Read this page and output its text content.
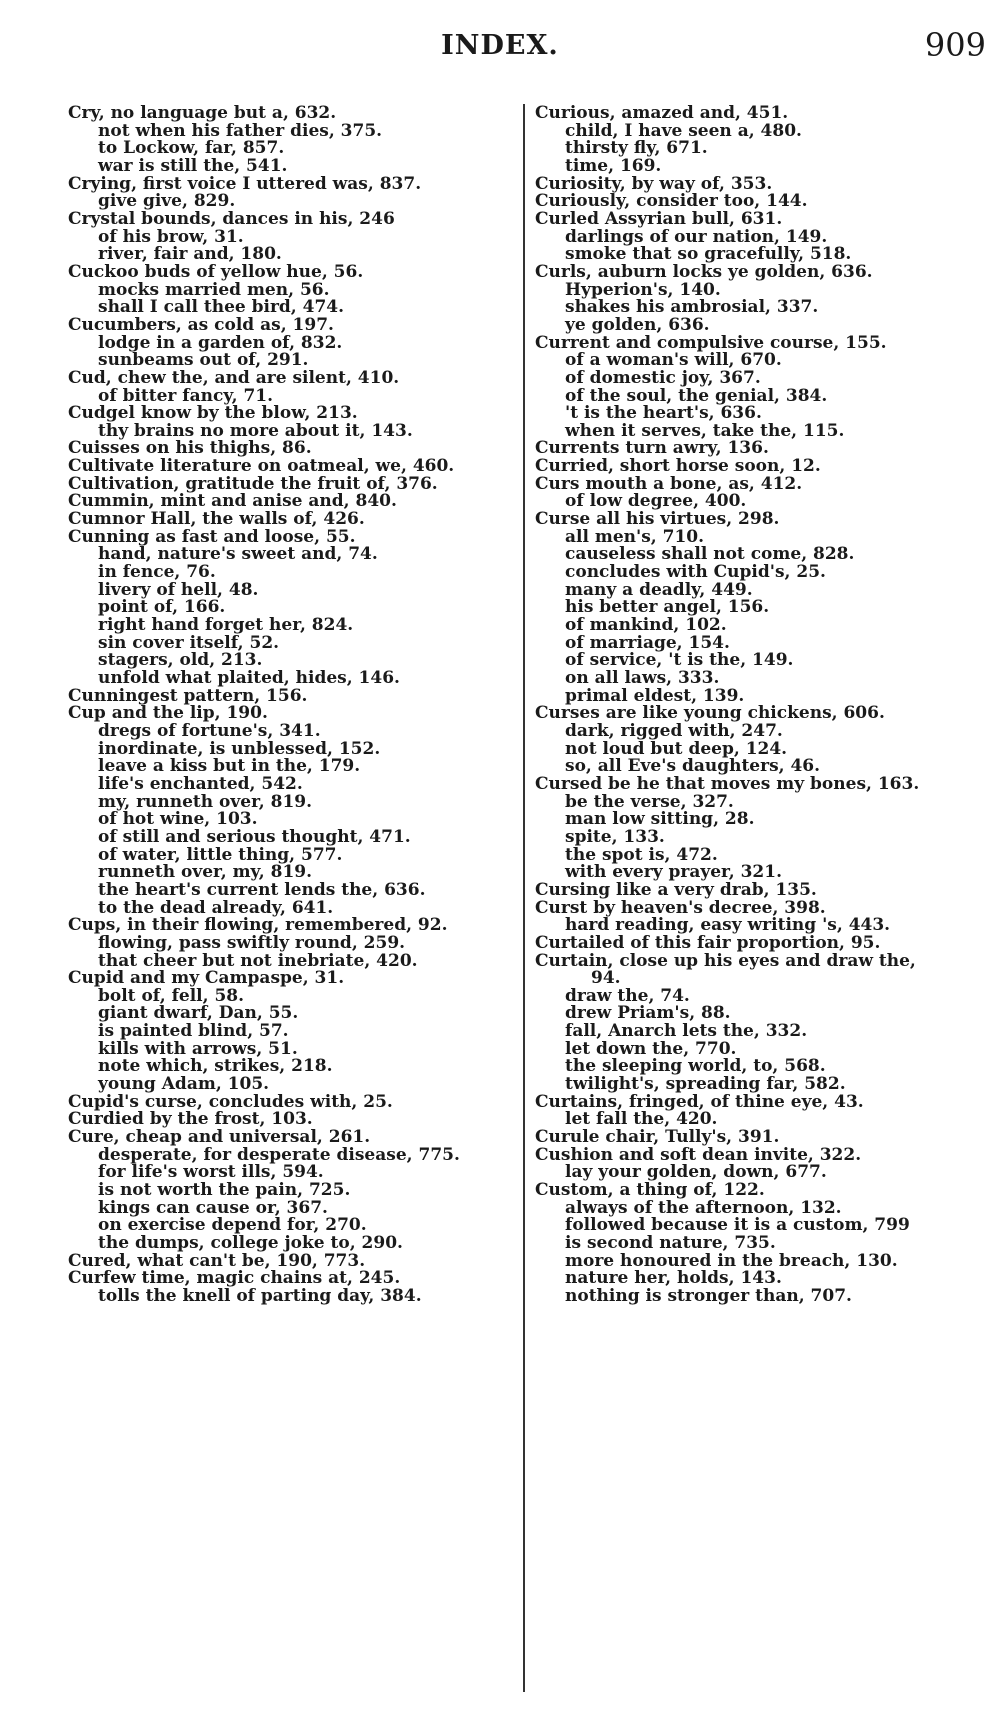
INDEX.	909
Cry, no language but a, 632.
not when his father dies, 375.
to Lockow, far, 857.
war is still the, 541.
Crying, first voice I uttered was, 837.
give give, 829.
Crystal bounds, dances in his, 246
of his brow, 31.
river, fair and, 180.
Cuckoo buds of yellow hue, 56.
mocks married men, 56.
shall I call thee bird, 474.
Cucumbers, as cold as, 197.
lodge in a garden of, 832.
sunbeams out of, 291.
Cud, chew the, and are silent, 410.
of bitter fancy, 71.
Cudgel know by the blow, 213.
thy brains no more about it, 143.
Cuisses on his thighs, 86.
Cultivate literature on oatmeal, we, 460.
Cultivation, gratitude the fruit of, 376.
Cummin, mint and anise and, 840.
Cumnor Hall, the walls of, 426.
Cunning as fast and loose, 55.
hand, nature's sweet and, 74.
in fence, 76.
livery of hell, 48.
point of, 166.
right hand forget her, 824.
sin cover itself, 52.
stagers, old, 213.
unfold what plaited, hides, 146.
Cunningest pattern, 156.
Cup and the lip, 190.
dregs of fortune's, 341.
inordinate, is unblessed, 152.
leave a kiss but in the, 179.
life's enchanted, 542.
my, runneth over, 819.
of hot wine, 103.
of still and serious thought, 471.
of water, little thing, 577.
runneth over, my, 819.
the heart's current lends the, 636.
to the dead already, 641.
Cups, in their flowing, remembered, 92.
flowing, pass swiftly round, 259.
that cheer but not inebriate, 420.
Cupid and my Campaspe, 31.
bolt of, fell, 58.
giant dwarf, Dan, 55.
is painted blind, 57.
kills with arrows, 51.
note which, strikes, 218.
young Adam, 105.
Cupid's curse, concludes with, 25.
Curdied by the frost, 103.
Cure, cheap and universal, 261.
desperate, for desperate disease, 775.
for life's worst ills, 594.
is not worth the pain, 725.
kings can cause or, 367.
on exercise depend for, 270.
the dumps, college joke to, 290.
Cured, what can't be, 190, 773.
Curfew time, magic chains at, 245.
tolls the knell of parting day, 384.
Curious, amazed and, 451.
child, I have seen a, 480.
thirsty fly, 671.
time, 169.
Curiosity, by way of, 353.
Curiously, consider too, 144.
Curled Assyrian bull, 631.
darlings of our nation, 149.
smoke that so gracefully, 518.
Curls, auburn locks ye golden, 636.
Hyperion's, 140.
shakes his ambrosial, 337.
ye golden, 636.
Current and compulsive course, 155.
of a woman's will, 670.
of domestic joy, 367.
of the soul, the genial, 384.
't is the heart's, 636.
when it serves, take the, 115.
Currents turn awry, 136.
Curried, short horse soon, 12.
Curs mouth a bone, as, 412.
of low degree, 400.
Curse all his virtues, 298.
all men's, 710.
causeless shall not come, 828.
concludes with Cupid's, 25.
many a deadly, 449.
his better angel, 156.
of mankind, 102.
of marriage, 154.
of service, 't is the, 149.
on all laws, 333.
primal eldest, 139.
Curses are like young chickens, 606.
dark, rigged with, 247.
not loud but deep, 124.
so, all Eve's daughters, 46.
Cursed be he that moves my bones, 163.
be the verse, 327.
man low sitting, 28.
spite, 133.
the spot is, 472.
with every prayer, 321.
Cursing like a very drab, 135.
Curst by heaven's decree, 398.
hard reading, easy writing 's, 443.
Curtailed of this fair proportion, 95.
Curtain, close up his eyes and draw the,
94.
draw the, 74.
drew Priam's, 88.
fall, Anarch lets the, 332.
let down the, 770.
the sleeping world, to, 568.
twilight's, spreading far, 582.
Curtains, fringed, of thine eye, 43.
let fall the, 420.
Curule chair, Tully's, 391.
Cushion and soft dean invite, 322.
lay your golden, down, 677.
Custom, a thing of, 122.
always of the afternoon, 132.
followed because it is a custom, 799
is second nature, 735.
more honoured in the breach, 130.
nature her, holds, 143.
nothing is stronger than, 707.
